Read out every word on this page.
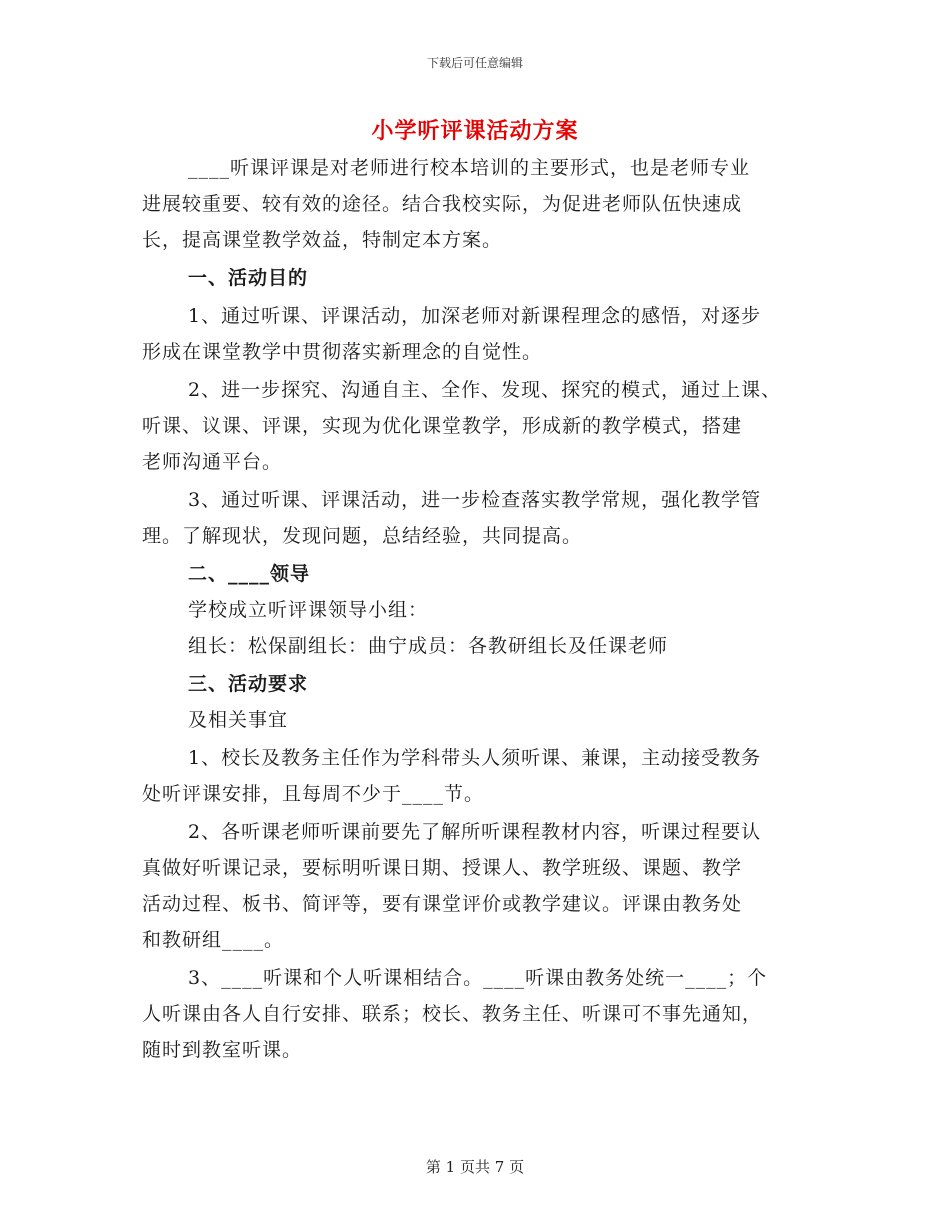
下载后可任意编辑
小学听评课活动方案
____听课评课是对老师进行校本培训的主要形式，也是老师专业
进展较重要、较有效的途径。结合我校实际，为促进老师队伍快速成
长，提高课堂教学效益，特制定本方案。
一、活动目的
1、通过听课、评课活动，加深老师对新课程理念的感悟，对逐步
形成在课堂教学中贯彻落实新理念的自觉性。
2、进一步探究、沟通自主、全作、发现、探究的模式，通过上课、
听课、议课、评课，实现为优化课堂教学，形成新的教学模式，搭建
老师沟通平台。
3、通过听课、评课活动，进一步检查落实教学常规，强化教学管
理。了解现状，发现问题，总结经验，共同提高。
二、____领导
学校成立听评课领导小组：
组长：松保副组长：曲宁成员：各教研组长及任课老师
三、活动要求
及相关事宜
1、校长及教务主任作为学科带头人须听课、兼课，主动接受教务
处听评课安排，且每周不少于____节。
2、各听课老师听课前要先了解所听课程教材内容，听课过程要认
真做好听课记录，要标明听课日期、授课人、教学班级、课题、教学
活动过程、板书、简评等，要有课堂评价或教学建议。评课由教务处
和教研组____。
3、____听课和个人听课相结合。____听课由教务处统一____；个
人听课由各人自行安排、联系；校长、教务主任、听课可不事先通知，
随时到教室听课。
第 1 页共 7 页
